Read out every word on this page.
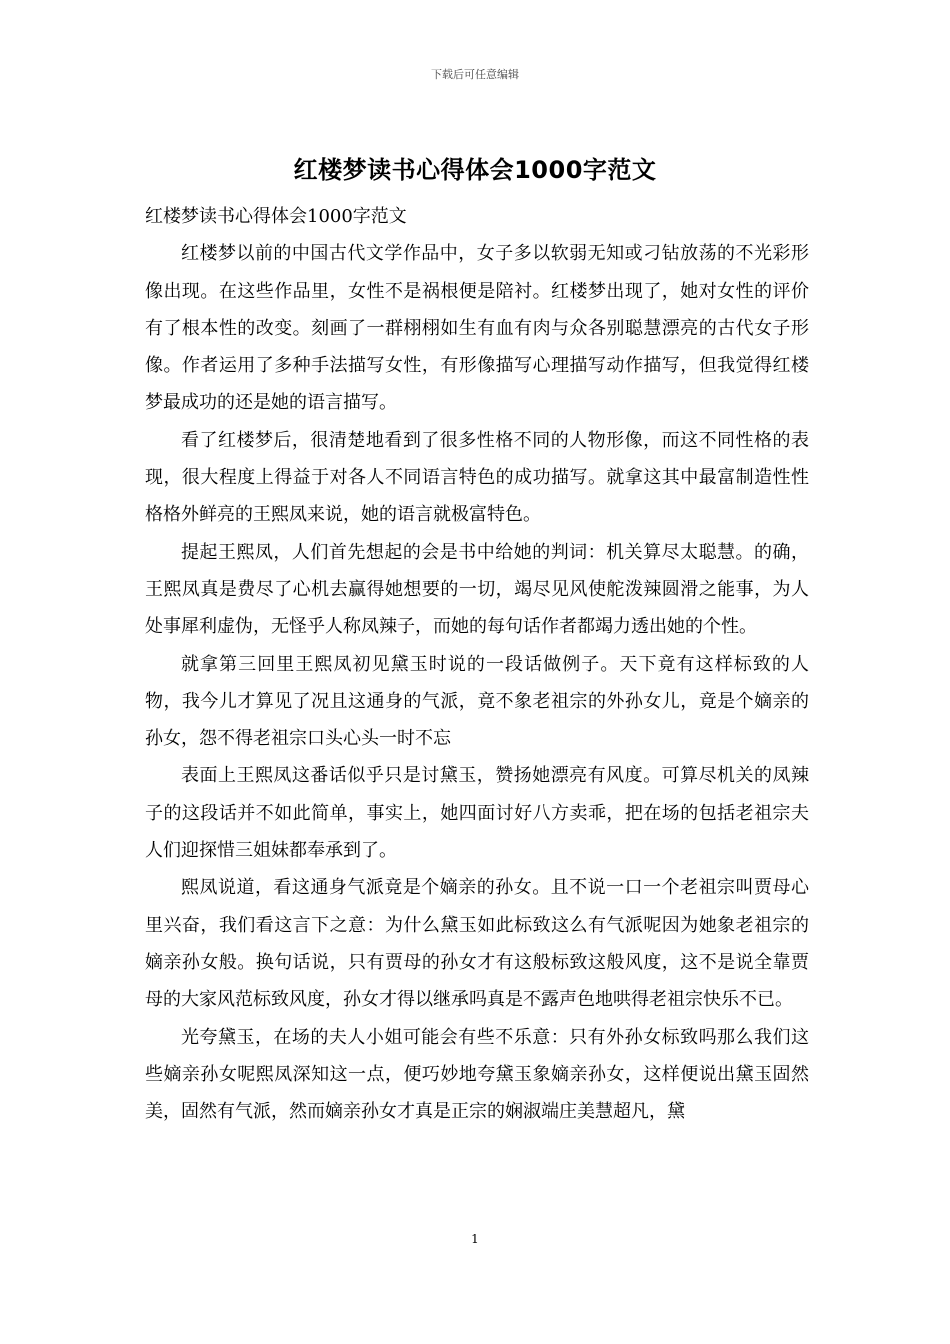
下载后可任意编辑
红楼梦读书心得体会1000字范文

红楼梦读书心得体会1000字范文

红楼梦以前的中国古代文学作品中，女子多以软弱无知或刁钻放荡的不光彩形像出现。在这些作品里，女性不是祸根便是陪衬。红楼梦出现了，她对女性的评价有了根本性的改变。刻画了一群栩栩如生有血有肉与众各别聪慧漂亮的古代女子形像。作者运用了多种手法描写女性，有形像描写心理描写动作描写，但我觉得红楼梦最成功的还是她的语言描写。

看了红楼梦后，很清楚地看到了很多性格不同的人物形像，而这不同性格的表现，很大程度上得益于对各人不同语言特色的成功描写。就拿这其中最富制造性性格格外鲜亮的王熙凤来说，她的语言就极富特色。

提起王熙凤，人们首先想起的会是书中给她的判词：机关算尽太聪慧。的确，王熙凤真是费尽了心机去赢得她想要的一切，竭尽见风使舵泼辣圆滑之能事，为人处事犀利虚伪，无怪乎人称凤辣子，而她的每句话作者都竭力透出她的个性。

就拿第三回里王熙凤初见黛玉时说的一段话做例子。天下竟有这样标致的人物，我今儿才算见了况且这通身的气派，竟不象老祖宗的外孙女儿，竟是个嫡亲的孙女，怨不得老祖宗口头心头一时不忘

表面上王熙凤这番话似乎只是讨黛玉，赞扬她漂亮有风度。可算尽机关的凤辣子的这段话并不如此简单，事实上，她四面讨好八方卖乖，把在场的包括老祖宗夫人们迎探惜三姐妹都奉承到了。

熙凤说道，看这通身气派竟是个嫡亲的孙女。且不说一口一个老祖宗叫贾母心里兴奋，我们看这言下之意：为什么黛玉如此标致这么有气派呢因为她象老祖宗的嫡亲孙女般。换句话说，只有贾母的孙女才有这般标致这般风度，这不是说全靠贾母的大家风范标致风度，孙女才得以继承吗真是不露声色地哄得老祖宗快乐不已。

光夸黛玉，在场的夫人小姐可能会有些不乐意：只有外孙女标致吗那么我们这些嫡亲孙女呢熙凤深知这一点，便巧妙地夸黛玉象嫡亲孙女，这样便说出黛玉固然美，固然有气派，然而嫡亲孙女才真是正宗的娴淑端庄美慧超凡，黛

1
